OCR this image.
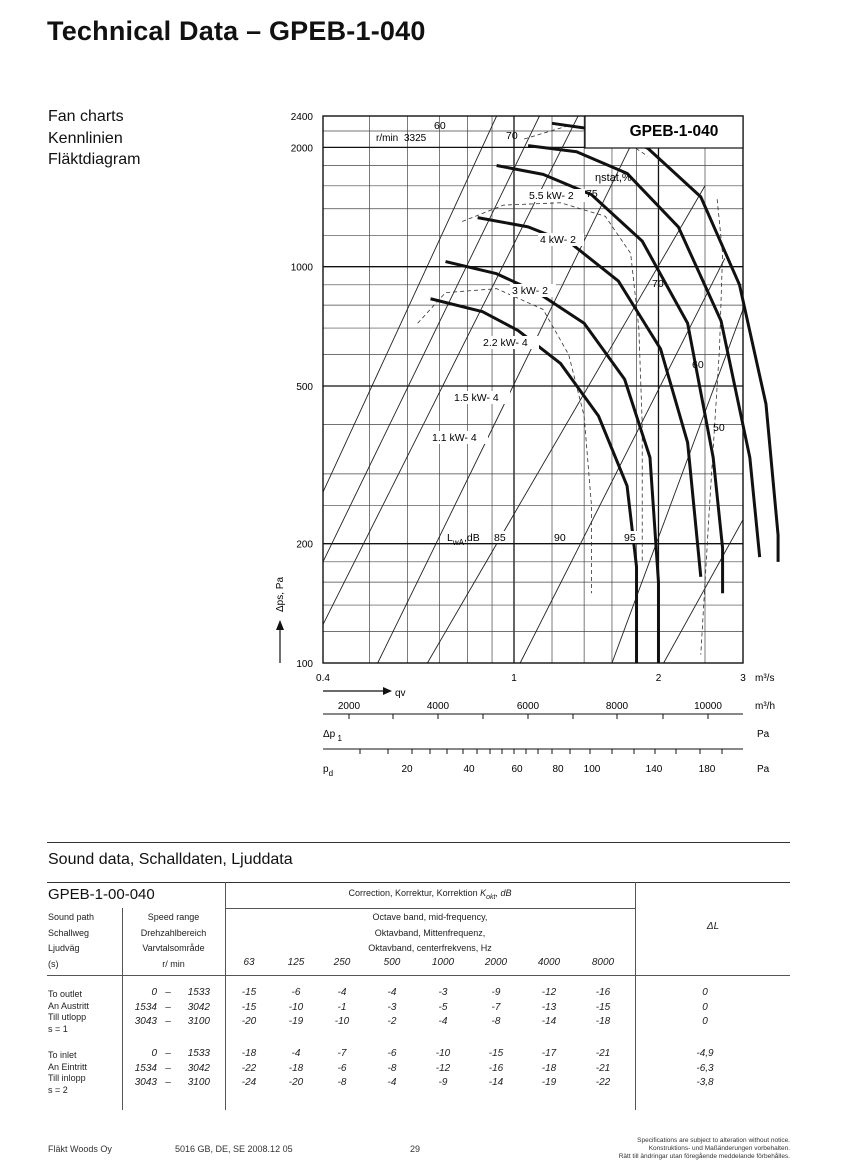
Technical Data – GPEB-1-040
Fan charts
Kennlinien
Fläktdiagram
GPEB-1-040
1.1 kW- 4
1.5 kW- 4
2.2 kW- 4
3 kW- 2
4 kW- 2
5.5 kW- 2
r/min 3325
ηstat,%
60
70
75
70
60
50
$L_{wA},dB$ 85	90	95
Δps, Pa
100
200
500
1000
2000
2400
0.4	1	2	3 m³/s
qv
2000	4000	6000	8000	10000	m³/h
Δp $_1$	Pa
20	40	60	80 100	140	180
$p_d$	Pa
Sound data, Schalldaten, Ljuddata
GPEB-1-00-040	Correction, Korrektur, Korrektion $K_{okt}$, dB
Sound path
Schallweg
Ljudväg
(s)
Speed range
Drehzahlbereich
Varvtalsområde
r/ min
Octave band, mid-frequency,
Oktavband, Mittenfrequenz,
Oktavband, centerfrekvens, Hz
ΔL
63	125	250	500	1000	2000	4000	8000
To outlet
An Austritt
Till utlopp
s = 1
0 –	1533	-15	-6	-4	-4	-3	-9	-12	-16	0
1534 –	3042	-15	-10	-1	-3	-5	-7	-13	-15	0
3043 –	3100	-20	-19	-10	-2	-4	-8	-14	-18	0
To inlet
An Eintritt
Till inlopp
s = 2
0 –	1533	-18	-4	-7	-6	-10	-15	-17	-21	-4,9
1534 –	3042	-22	-18	-6	-8	-12	-16	-18	-21	-6,3
3043 –	3100	-24	-20	-8	-4	-9	-14	-19	-22	-3,8
Fläkt Woods Oy	5016 GB, DE, SE 2008.12 05	29
Specifications are subject to alteration without notice.
Konstruktions- und Maßänderungen vorbehalten.
Rätt till ändringar utan föregående meddelande förbehålles.
